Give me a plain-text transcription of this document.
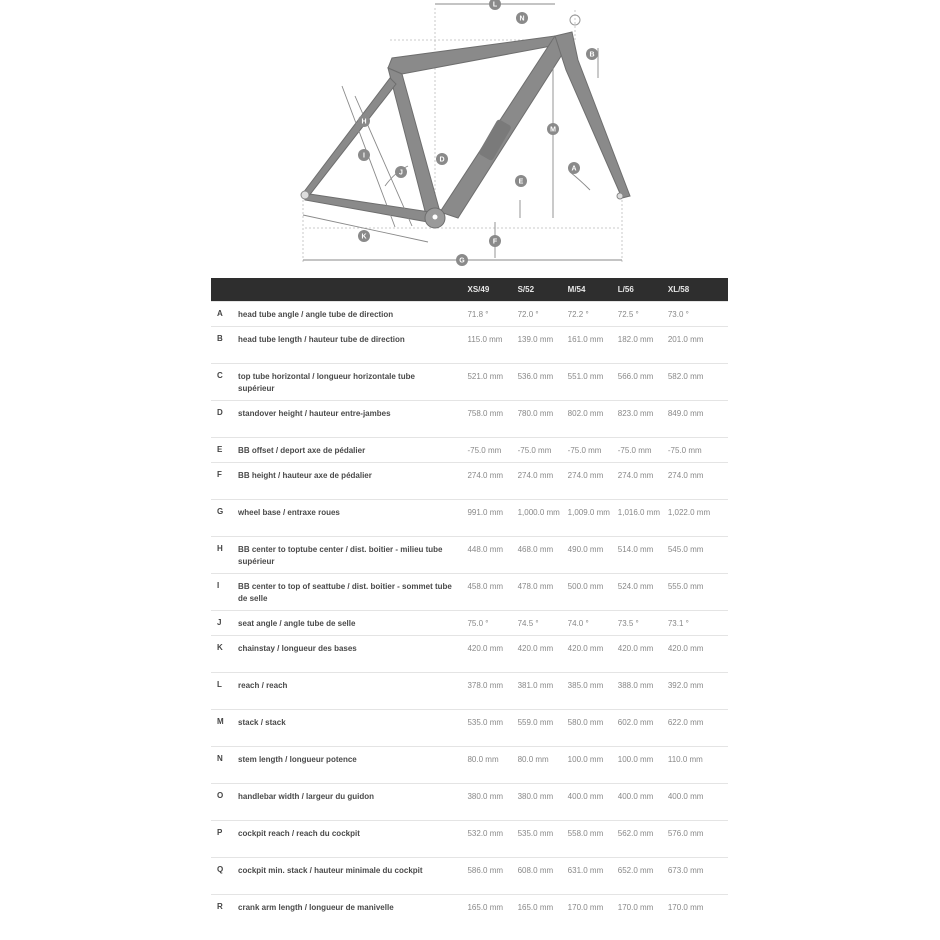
L
N
B
H
M
I
D
J
A
E
F
K
G
		XS/49	S/52	M/54	L/56	XL/58
A	head tube angle / angle tube de direction	71.8 °	72.0 °	72.2 °	72.5 °	73.0 °
B	head tube length / hauteur tube de direction	115.0 mm	139.0 mm	161.0 mm	182.0 mm	201.0 mm
C	top tube horizontal / longueur horizontale tube supérieur	521.0 mm	536.0 mm	551.0 mm	566.0 mm	582.0 mm
D	standover height / hauteur entre-jambes	758.0 mm	780.0 mm	802.0 mm	823.0 mm	849.0 mm
E	BB offset / deport axe de pédalier	-75.0 mm	-75.0 mm	-75.0 mm	-75.0 mm	-75.0 mm
F	BB height / hauteur axe de pédalier	274.0 mm	274.0 mm	274.0 mm	274.0 mm	274.0 mm
G	wheel base / entraxe roues	991.0 mm	1,000.0 mm	1,009.0 mm	1,016.0 mm	1,022.0 mm
H	BB center to toptube center / dist. boitier - milieu tube supérieur	448.0 mm	468.0 mm	490.0 mm	514.0 mm	545.0 mm
I	BB center to top of seattube / dist. boitier - sommet tube de selle	458.0 mm	478.0 mm	500.0 mm	524.0 mm	555.0 mm
J	seat angle / angle tube de selle	75.0 °	74.5 °	74.0 °	73.5 °	73.1 °
K	chainstay / longueur des bases	420.0 mm	420.0 mm	420.0 mm	420.0 mm	420.0 mm
L	reach / reach	378.0 mm	381.0 mm	385.0 mm	388.0 mm	392.0 mm
M	stack / stack	535.0 mm	559.0 mm	580.0 mm	602.0 mm	622.0 mm
N	stem length / longueur potence	80.0 mm	80.0 mm	100.0 mm	100.0 mm	110.0 mm
O	handlebar width / largeur du guidon	380.0 mm	380.0 mm	400.0 mm	400.0 mm	400.0 mm
P	cockpit reach / reach du cockpit	532.0 mm	535.0 mm	558.0 mm	562.0 mm	576.0 mm
Q	cockpit min. stack / hauteur minimale du cockpit	586.0 mm	608.0 mm	631.0 mm	652.0 mm	673.0 mm
R	crank arm length / longueur de manivelle	165.0 mm	165.0 mm	170.0 mm	170.0 mm	170.0 mm
